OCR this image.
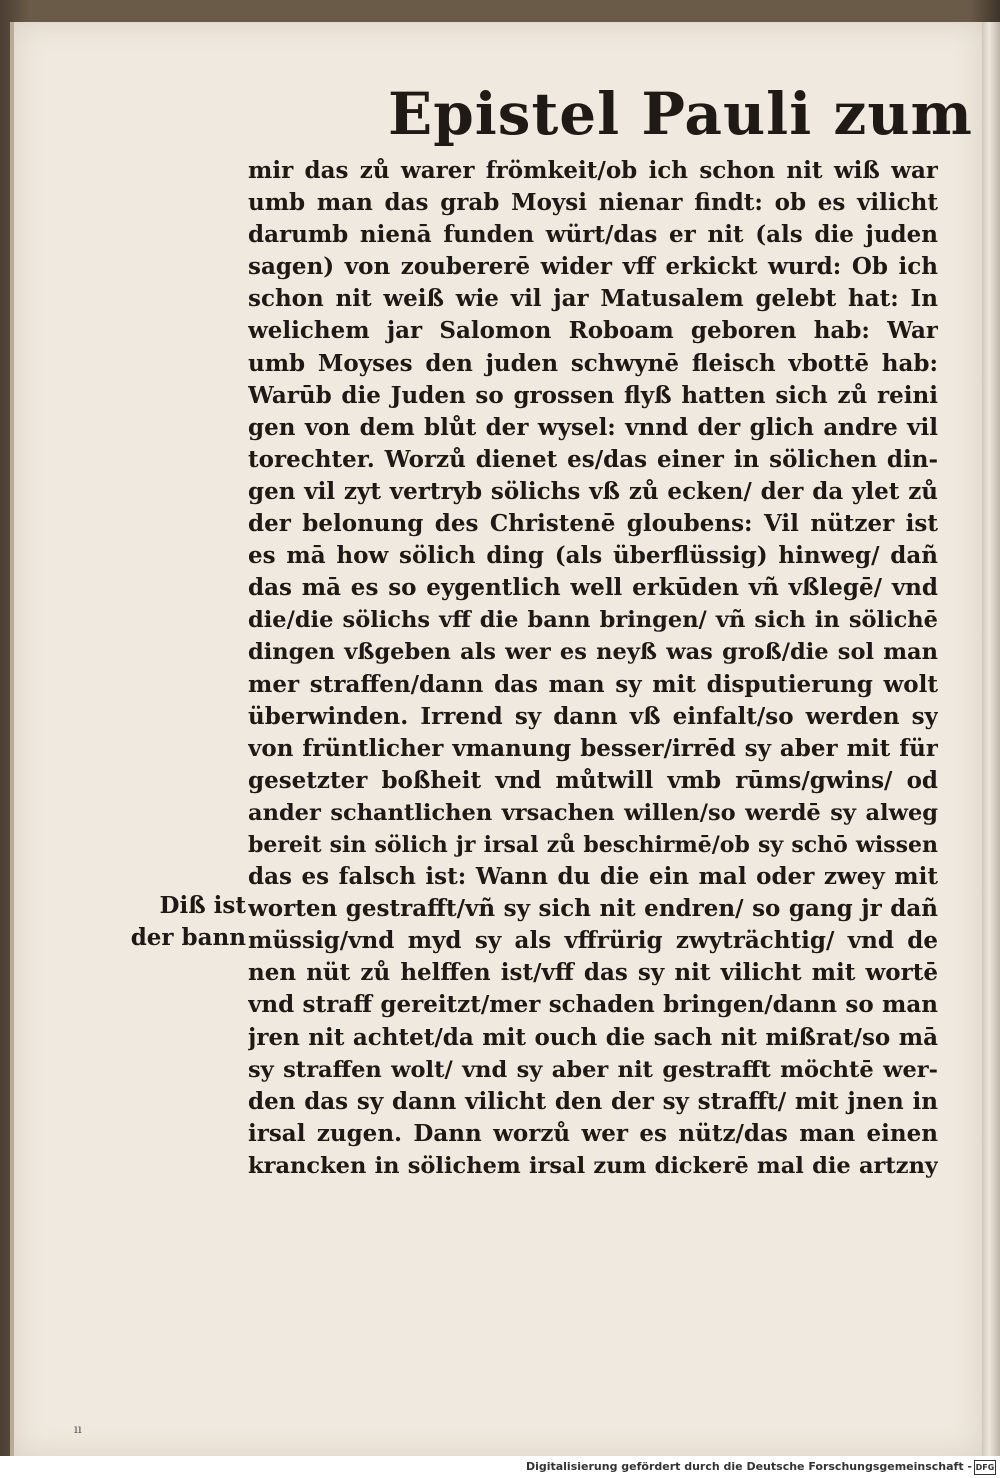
Epistel Pauli zum
mir das zů warer frömkeit/ob ich schon nit wiß war
umb man das grab Moysi nienar findt: ob es vilicht
darumb nienā funden würt/das er nit (als die juden
sagen) von zoubererē wider vff erkickt wurd: Ob ich
schon nit weiß wie vil jar Matusalem gelebt hat: In
welichem jar Salomon Roboam geboren hab: War
umb Moyses den juden schwynē fleisch vbottē hab:
Warūb die Juden so grossen flyß hatten sich zů reini
gen von dem blůt der wysel: vnnd der glich andre vil
torechter. Worzů dienet es/das einer in sölichen din-
gen vil zyt vertryb sölichs vß zů ecken/ der da ylet zů
der belonung des Christenē gloubens: Vil nützer ist
es mā how sölich ding (als überflüssig) hinweg/ dañ
das mā es so eygentlich well erkūden vñ vßlegē/ vnd
die/die sölichs vff die bann bringen/ vñ sich in sölichē
dingen vßgeben als wer es neyß was groß/die sol man
mer straffen/dann das man sy mit disputierung wolt
überwinden. Irrend sy dann vß einfalt/so werden sy
von früntlicher vmanung besser/irrēd sy aber mit für
gesetzter boßheit vnd můtwill vmb rūms/gwins/ od
ander schantlichen vrsachen willen/so werdē sy alweg
bereit sin sölich jr irsal zů beschirmē/ob sy schō wissen
das es falsch ist: Wann du die ein mal oder zwey mit
worten gestrafft/vñ sy sich nit endren/ so gang jr dañ
müssig/vnd myd sy als vffrürig zwyträchtig/ vnd de
nen nüt zů helffen ist/vff das sy nit vilicht mit wortē
vnd straff gereitzt/mer schaden bringen/dann so man
jren nit achtet/da mit ouch die sach nit mißrat/so mā
sy straffen wolt/ vnd sy aber nit gestrafft möchtē wer-
den das sy dann vilicht den der sy strafft/ mit jnen in
irsal zugen. Dann worzů wer es nütz/das man einen
krancken in sölichem irsal zum dickerē mal die artzny
Diß ist
der bann
ıı
Digitalisierung gefördert durch die Deutsche Forschungsgemeinschaft - DFG
